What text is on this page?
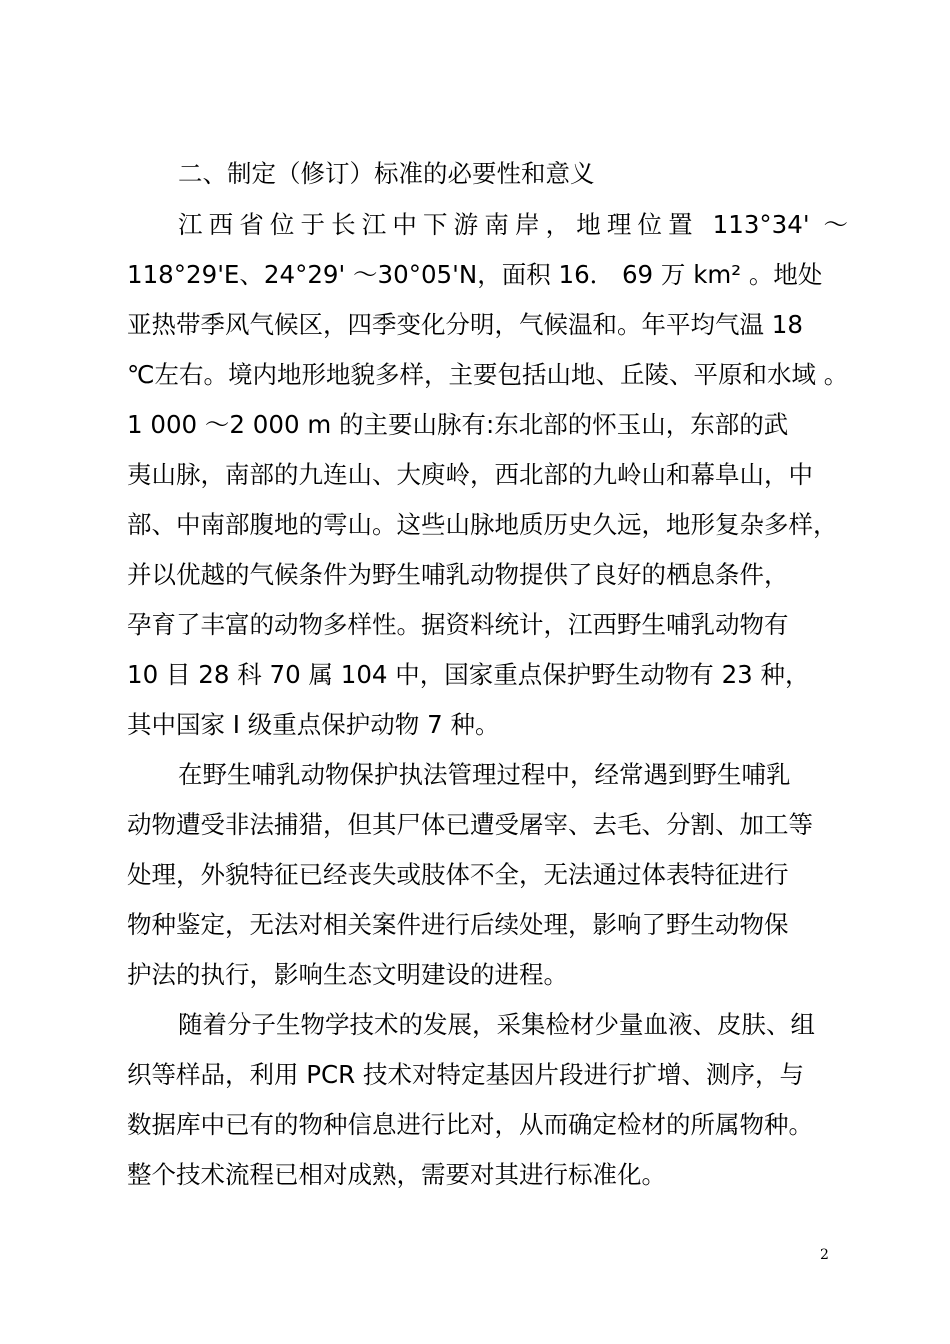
二、制定（修订）标准的必要性和意义
江西省位于长江中下游南岸，地理位置 113°34' ～
118°29'E、24°29' ～30°05'N，面积 16． 69 万 km² 。地处
亚热带季风气候区，四季变化分明，气候温和。年平均气温 18
℃左右。境内地形地貌多样，主要包括山地、丘陵、平原和水域 。
1 000 ～2 000 m 的主要山脉有:东北部的怀玉山，东部的武
夷山脉，南部的九连山、大庾岭，西北部的九岭山和幕阜山，中
部、中南部腹地的雩山。这些山脉地质历史久远，地形复杂多样，
并以优越的气候条件为野生哺乳动物提供了良好的栖息条件，
孕育了丰富的动物多样性。据资料统计，江西野生哺乳动物有
10 目 28 科 70 属 104 中，国家重点保护野生动物有 23 种，
其中国家 I 级重点保护动物 7 种。
在野生哺乳动物保护执法管理过程中，经常遇到野生哺乳
动物遭受非法捕猎，但其尸体已遭受屠宰、去毛、分割、加工等
处理，外貌特征已经丧失或肢体不全，无法通过体表特征进行
物种鉴定，无法对相关案件进行后续处理，影响了野生动物保
护法的执行，影响生态文明建设的进程。
随着分子生物学技术的发展，采集检材少量血液、皮肤、组
织等样品，利用 PCR 技术对特定基因片段进行扩增、测序，与
数据库中已有的物种信息进行比对，从而确定检材的所属物种。
整个技术流程已相对成熟，需要对其进行标准化。
2
